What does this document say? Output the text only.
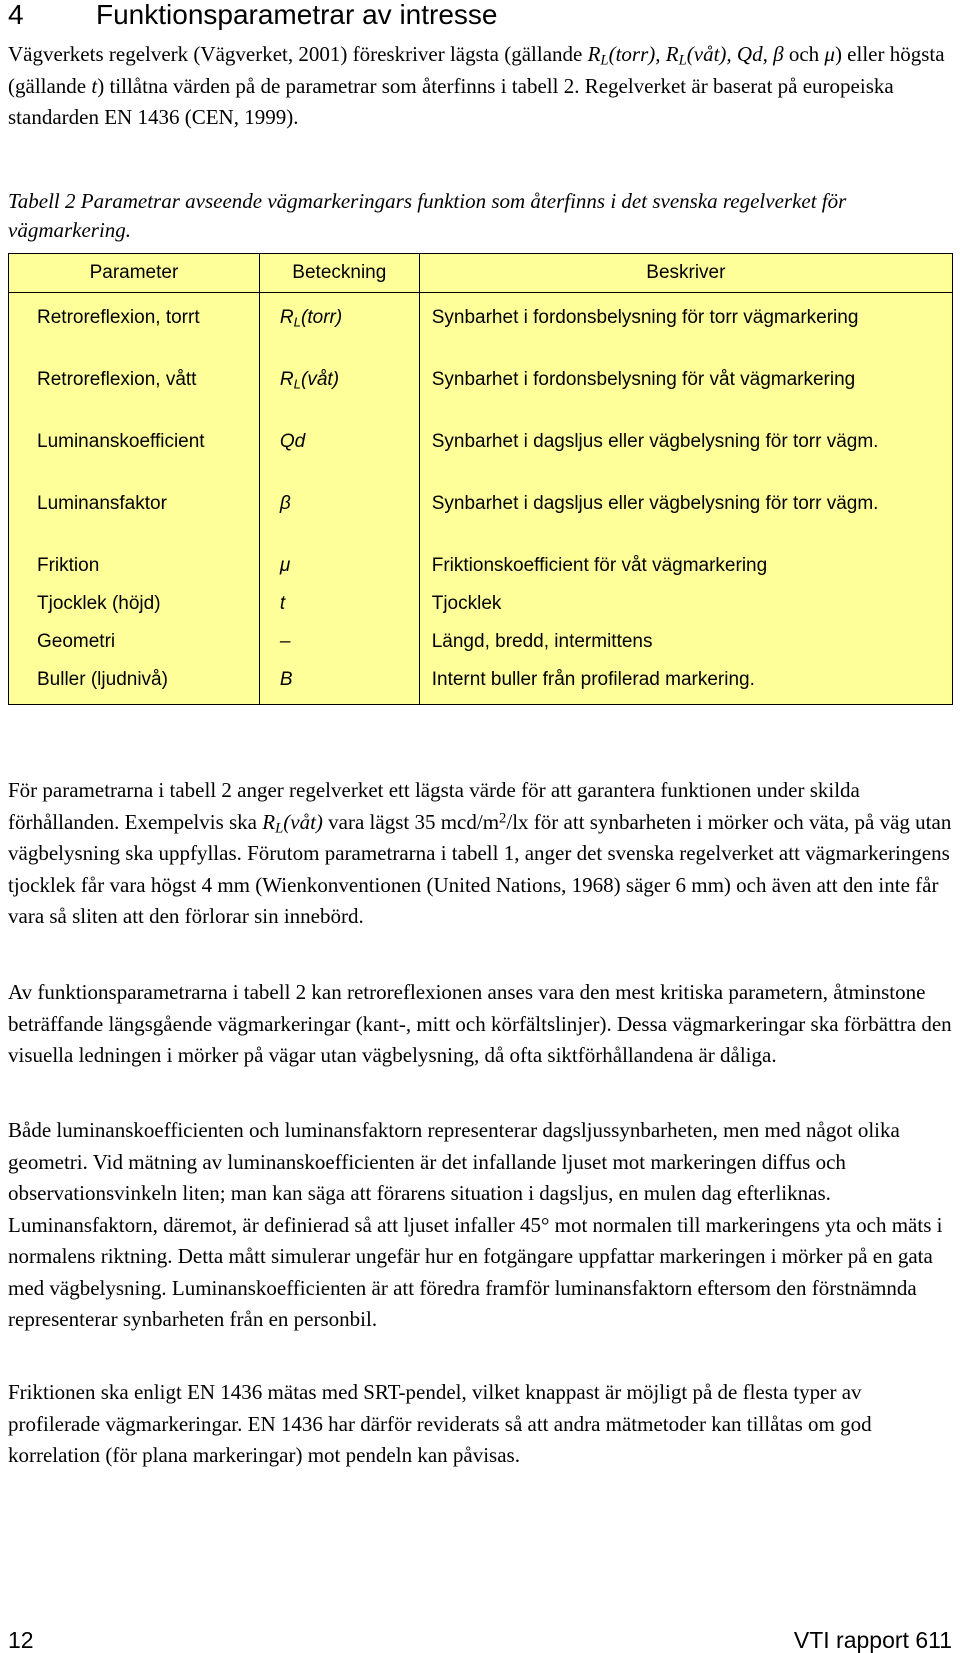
4	Funktionsparametrar av intresse
Vägverkets regelverk (Vägverket, 2001) föreskriver lägsta (gällande $R_L(torr)$, $R_L(våt)$, Qd, β och μ) eller högsta (gällande t) tillåtna värden på de parametrar som återfinns i tabell 2. Regelverket är baserat på europeiska standarden EN 1436 (CEN, 1999).
Tabell 2 Parametrar avseende vägmarkeringars funktion som återfinns i det svenska regelverket för vägmarkering.
Parameter	Beteckning	Beskriver
Retroreflexion, torrt	$R_L(torr)$	Synbarhet i fordonsbelysning för torr vägmarkering
Retroreflexion, vått	$R_L(våt)$	Synbarhet i fordonsbelysning för våt vägmarkering
Luminanskoefficient	Qd	Synbarhet i dagsljus eller vägbelysning för torr vägm.
Luminansfaktor	β	Synbarhet i dagsljus eller vägbelysning för torr vägm.
Friktion	μ	Friktionskoefficient för våt vägmarkering
Tjocklek (höjd)	t	Tjocklek
Geometri	–	Längd, bredd, intermittens
Buller (ljudnivå)	B	Internt buller från profilerad markering.
För parametrarna i tabell 2 anger regelverket ett lägsta värde för att garantera funktionen under skilda förhållanden. Exempelvis ska $R_L(våt)$ vara lägst 35 mcd/$m^2/lx$ för att synbarheten i mörker och väta, på väg utan vägbelysning ska uppfyllas. Förutom parametrarna i tabell 1, anger det svenska regelverket att vägmarkeringens tjocklek får vara högst 4 mm (Wienkonventionen (United Nations, 1968) säger 6 mm) och även att den inte får vara så sliten att den förlorar sin innebörd.
Av funktionsparametrarna i tabell 2 kan retroreflexionen anses vara den mest kritiska parametern, åtminstone beträffande längsgående vägmarkeringar (kant-, mitt och körfältslinjer). Dessa vägmarkeringar ska förbättra den visuella ledningen i mörker på vägar utan vägbelysning, då ofta siktförhållandena är dåliga.
Både luminanskoefficienten och luminansfaktorn representerar dagsljussynbarheten, men med något olika geometri. Vid mätning av luminanskoefficienten är det infallande ljuset mot markeringen diffus och observationsvinkeln liten; man kan säga att förarens situation i dagsljus, en mulen dag efterliknas. Luminansfaktorn, däremot, är definierad så att ljuset infaller 45° mot normalen till markeringens yta och mäts i normalens riktning. Detta mått simulerar ungefär hur en fotgängare uppfattar markeringen i mörker på en gata med vägbelysning. Luminanskoefficienten är att föredra framför luminansfaktorn eftersom den förstnämnda representerar synbarheten från en personbil.
Friktionen ska enligt EN 1436 mätas med SRT-pendel, vilket knappast är möjligt på de flesta typer av profilerade vägmarkeringar. EN 1436 har därför reviderats så att andra mätmetoder kan tillåtas om god korrelation (för plana markeringar) mot pendeln kan påvisas.
12	VTI rapport 611
